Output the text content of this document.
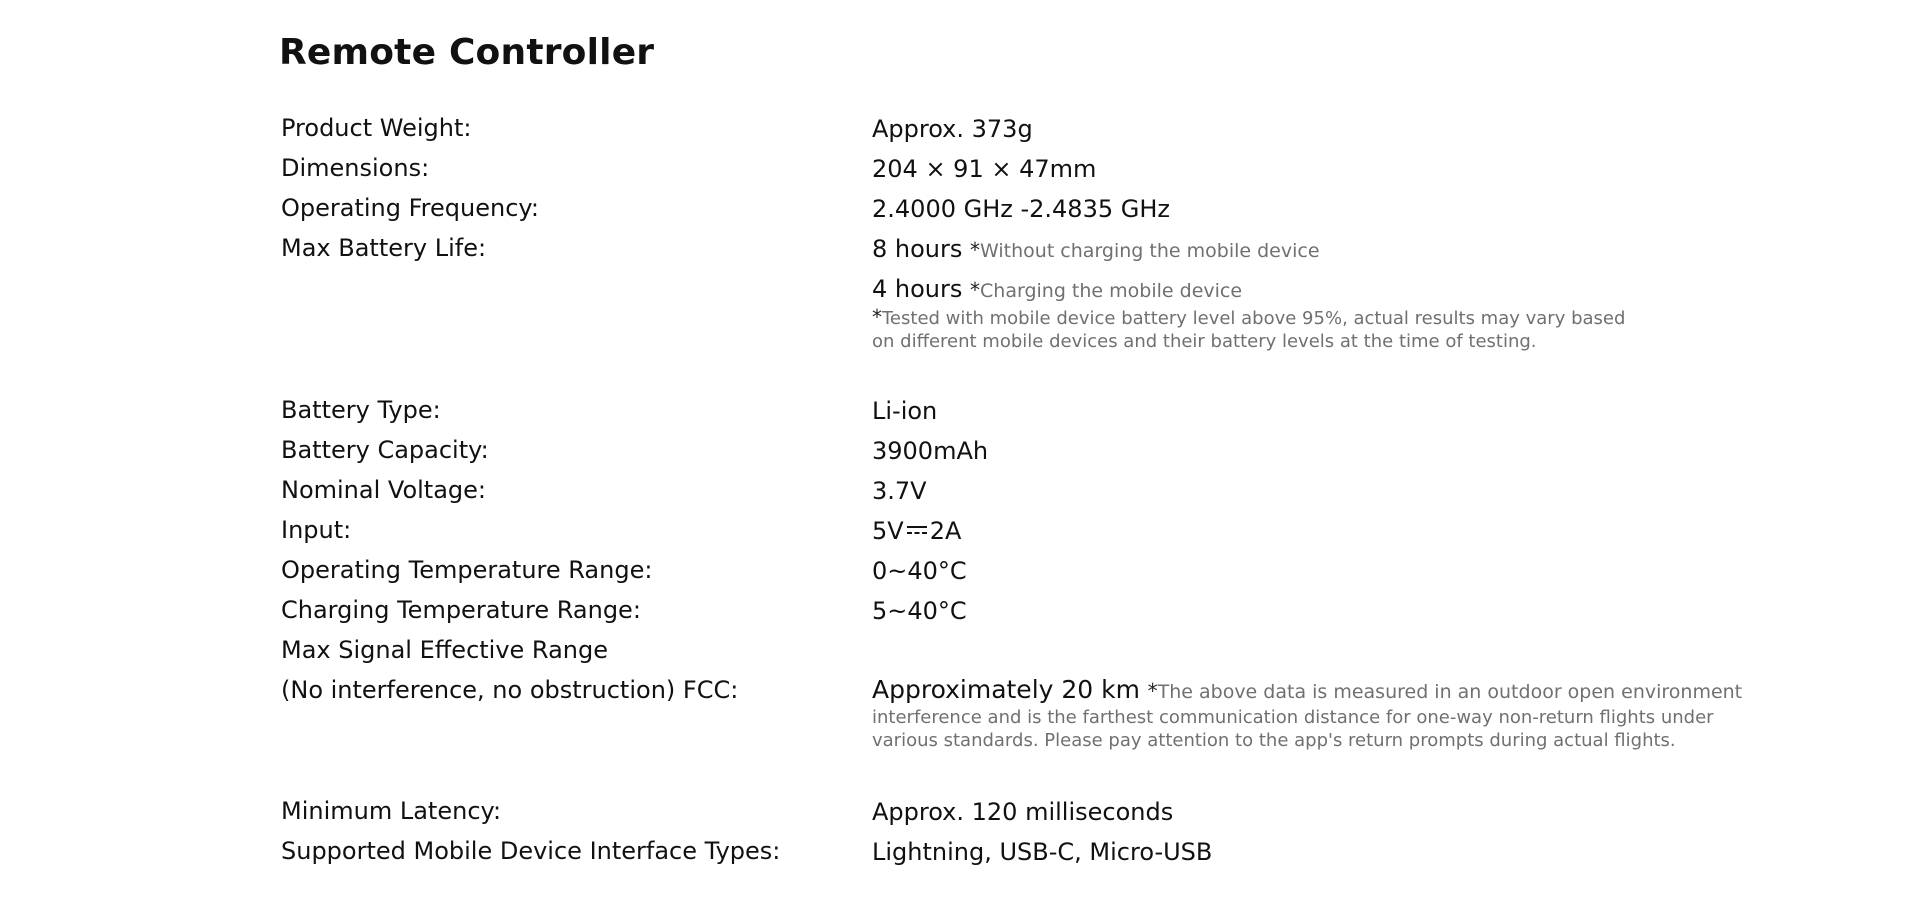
Remote Controller
Product Weight:	Approx. 373g
Dimensions:	204 × 91 × 47mm
Operating Frequency:	2.4000 GHz -2.4835 GHz
Max Battery Life:	8 hours *Without charging the mobile device
4 hours *Charging the mobile device
*Tested with mobile device battery level above 95%, actual results may vary based
on different mobile devices and their battery levels at the time of testing.
Battery Type:	Li-ion
Battery Capacity:	3900mAh
Nominal Voltage:	3.7V
Input:	5V 2A
Operating Temperature Range:	0~40°C
Charging Temperature Range:	5~40°C
Max Signal Effective Range
(No interference, no obstruction) FCC:	Approximately 20 km *The above data is measured in an outdoor open environment
interference and is the farthest communication distance for one-way non-return flights under
various standards. Please pay attention to the app's return prompts during actual flights.
Minimum Latency:	Approx. 120 milliseconds
Supported Mobile Device Interface Types:	Lightning, USB-C, Micro-USB
